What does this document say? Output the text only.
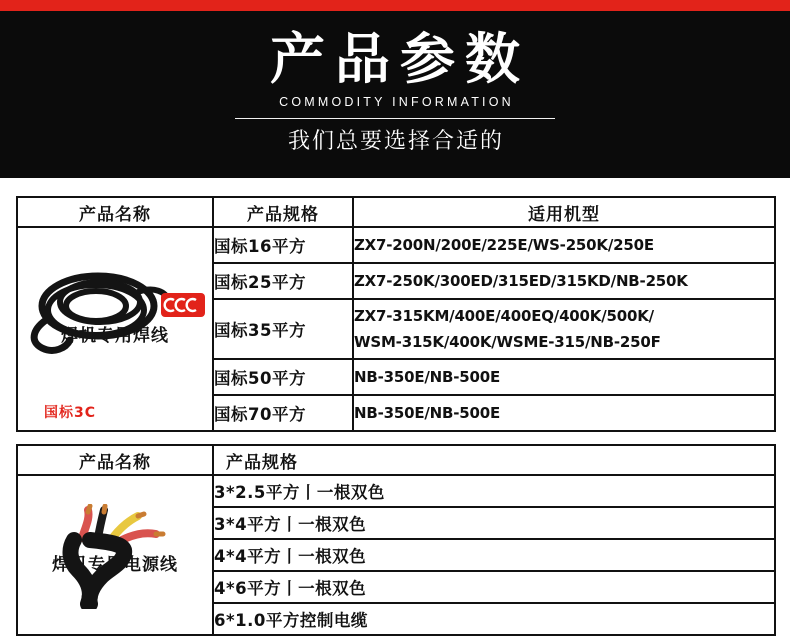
产品参数
COMMODITY INFORMATION
我们总要选择合适的
产品名称	产品规格	适用机型

焊机专用焊线
国标3C	国标16平方	ZX7-200N/200E/225E/WS-250K/250E
	国标25平方	ZX7-250K/300ED/315ED/315KD/NB-250K
	国标35平方	ZX7-315KM/400E/400EQ/400K/500K/
WSM-315K/400K/WSME-315/NB-250F

	国标50平方	NB-350E/NB-500E
	国标70平方	NB-350E/NB-500E
产品名称	产品规格

焊机专用电源线	3*2.5平方丨一根双色
	3*4平方丨一根双色
	4*4平方丨一根双色
	4*6平方丨一根双色
	6*1.0平方控制电缆
